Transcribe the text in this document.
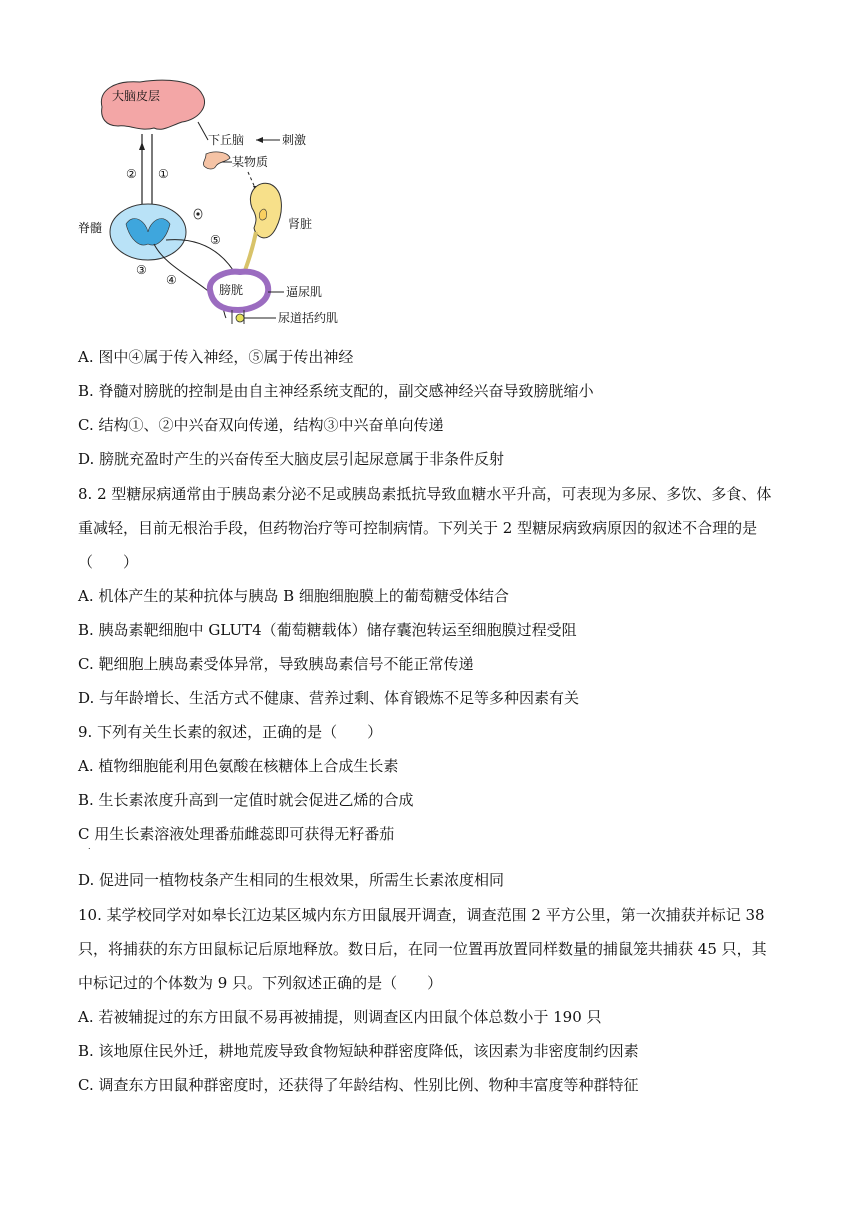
大脑皮层
② ①
下丘脑	刺激
某物质
肾脏
脊髓
③
⑤
④
膀胱	逼尿肌
尿道括约肌
A. 图中④属于传入神经，⑤属于传出神经
B. 脊髓对膀胱的控制是由自主神经系统支配的，副交感神经兴奋导致膀胱缩小
C. 结构①、②中兴奋双向传递，结构③中兴奋单向传递
D. 膀胱充盈时产生的兴奋传至大脑皮层引起尿意属于非条件反射
8. 2 型糖尿病通常由于胰岛素分泌不足或胰岛素抵抗导致血糖水平升高，可表现为多尿、多饮、多食、体
重减轻，目前无根治手段，但药物治疗等可控制病情。下列关于 2 型糖尿病致病原因的叙述不合理的是
（　　）
A. 机体产生的某种抗体与胰岛 B 细胞细胞膜上的葡萄糖受体结合
B. 胰岛素靶细胞中 GLUT4（葡萄糖载体）储存囊泡转运至细胞膜过程受阻
C. 靶细胞上胰岛素受体异常，导致胰岛素信号不能正常传递
D. 与年龄增长、生活方式不健康、营养过剩、体育锻炼不足等多种因素有关
9. 下列有关生长素的叙述，正确的是（　　）
A. 植物细胞能利用色氨酸在核糖体上合成生长素
B. 生长素浓度升高到一定值时就会促进乙烯的合成
C 用生长素溶液处理番茄雌蕊即可获得无籽番茄
.
D. 促进同一植物枝条产生相同的生根效果，所需生长素浓度相同
10. 某学校同学对如皋长江边某区城内东方田鼠展开调查，调查范围 2 平方公里，第一次捕获并标记 38
只，将捕获的东方田鼠标记后原地释放。数日后，在同一位置再放置同样数量的捕鼠笼共捕获 45 只，其
中标记过的个体数为 9 只。下列叙述正确的是（　　）
A. 若被辅捉过的东方田鼠不易再被捕提，则调查区内田鼠个体总数小于 190 只
B. 该地原住民外迁，耕地荒废导致食物短缺种群密度降低，该因素为非密度制约因素
C. 调查东方田鼠种群密度时，还获得了年龄结构、性别比例、物种丰富度等种群特征
